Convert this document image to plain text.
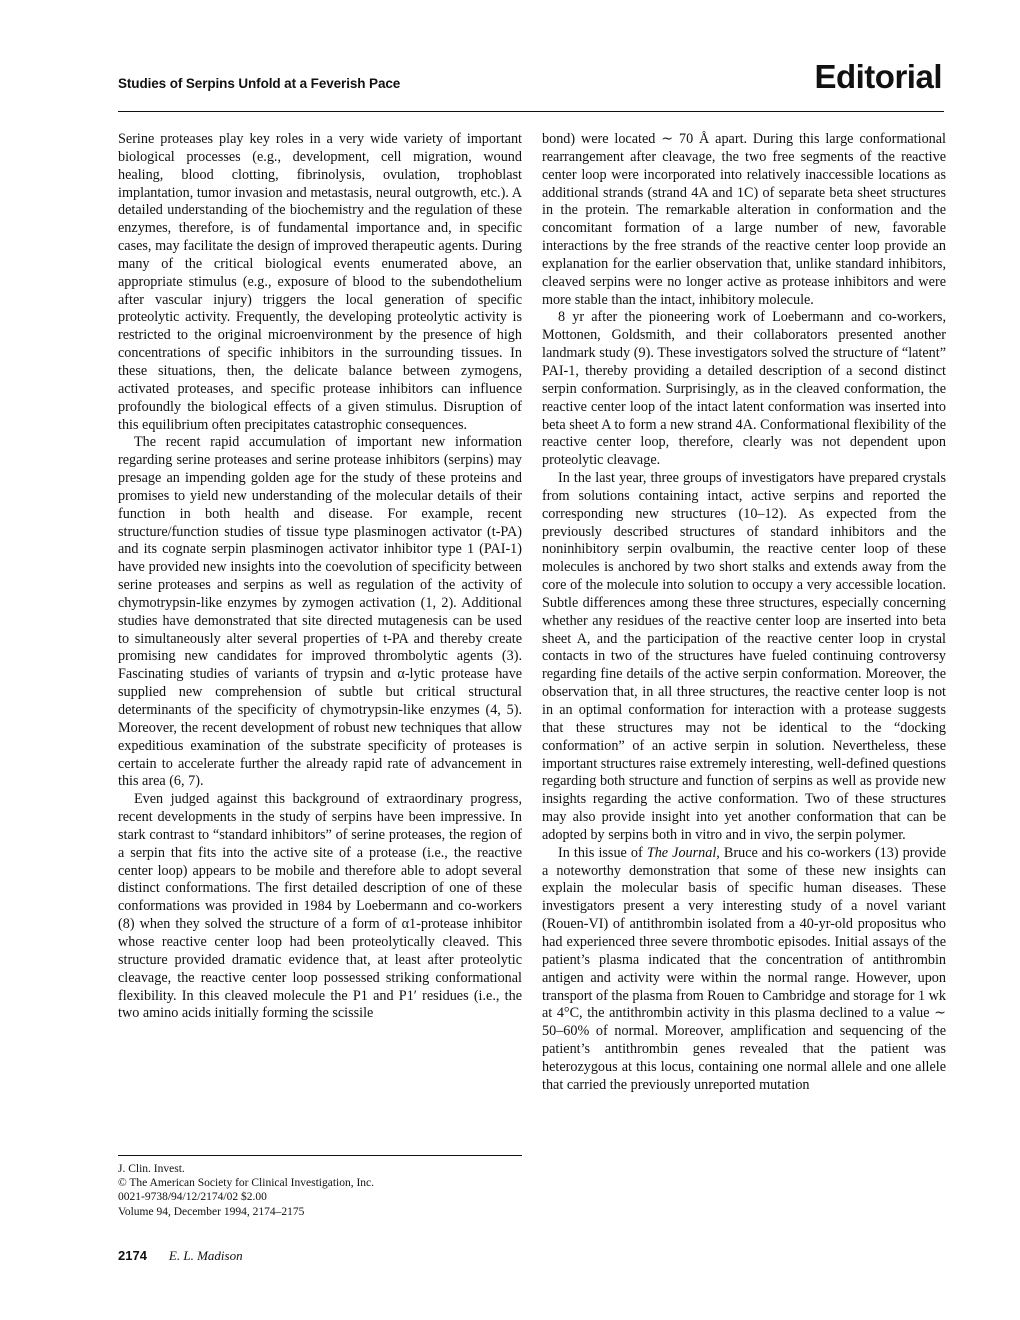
Studies of Serpins Unfold at a Feverish Pace	Editorial

Serine proteases play key roles in a very wide variety of important biological processes (e.g., development, cell migration, wound healing, blood clotting, fibrinolysis, ovulation, trophoblast implantation, tumor invasion and metastasis, neural outgrowth, etc.). A detailed understanding of the biochemistry and the regulation of these enzymes, therefore, is of fundamental importance and, in specific cases, may facilitate the design of improved therapeutic agents. During many of the critical biological events enumerated above, an appropriate stimulus (e.g., exposure of blood to the subendothelium after vascular injury) triggers the local generation of specific proteolytic activity. Frequently, the developing proteolytic activity is restricted to the original microenvironment by the presence of high concentrations of specific inhibitors in the surrounding tissues. In these situations, then, the delicate balance between zymogens, activated proteases, and specific protease inhibitors can influence profoundly the biological effects of a given stimulus. Disruption of this equilibrium often precipitates catastrophic consequences.

The recent rapid accumulation of important new information regarding serine proteases and serine protease inhibitors (serpins) may presage an impending golden age for the study of these proteins and promises to yield new understanding of the molecular details of their function in both health and disease. For example, recent structure/function studies of tissue type plasminogen activator (t-PA) and its cognate serpin plasminogen activator inhibitor type 1 (PAI-1) have provided new insights into the coevolution of specificity between serine proteases and serpins as well as regulation of the activity of chymotrypsin-like enzymes by zymogen activation (1, 2). Additional studies have demonstrated that site directed mutagenesis can be used to simultaneously alter several properties of t-PA and thereby create promising new candidates for improved thrombolytic agents (3). Fascinating studies of variants of trypsin and α-lytic protease have supplied new comprehension of subtle but critical structural determinants of the specificity of chymotrypsin-like enzymes (4, 5). Moreover, the recent development of robust new techniques that allow expeditious examination of the substrate specificity of proteases is certain to accelerate further the already rapid rate of advancement in this area (6, 7).

Even judged against this background of extraordinary progress, recent developments in the study of serpins have been impressive. In stark contrast to “standard inhibitors” of serine proteases, the region of a serpin that fits into the active site of a protease (i.e., the reactive center loop) appears to be mobile and therefore able to adopt several distinct conformations. The first detailed description of one of these conformations was provided in 1984 by Loebermann and co-workers (8) when they solved the structure of a form of α1-protease inhibitor whose reactive center loop had been proteolytically cleaved. This structure provided dramatic evidence that, at least after proteolytic cleavage, the reactive center loop possessed striking conformational flexibility. In this cleaved molecule the P1 and P1′ residues (i.e., the two amino acids initially forming the scissile

bond) were located ∼ 70 Å apart. During this large conformational rearrangement after cleavage, the two free segments of the reactive center loop were incorporated into relatively inaccessible locations as additional strands (strand 4A and 1C) of separate beta sheet structures in the protein. The remarkable alteration in conformation and the concomitant formation of a large number of new, favorable interactions by the free strands of the reactive center loop provide an explanation for the earlier observation that, unlike standard inhibitors, cleaved serpins were no longer active as protease inhibitors and were more stable than the intact, inhibitory molecule.

8 yr after the pioneering work of Loebermann and co-workers, Mottonen, Goldsmith, and their collaborators presented another landmark study (9). These investigators solved the structure of “latent” PAI-1, thereby providing a detailed description of a second distinct serpin conformation. Surprisingly, as in the cleaved conformation, the reactive center loop of the intact latent conformation was inserted into beta sheet A to form a new strand 4A. Conformational flexibility of the reactive center loop, therefore, clearly was not dependent upon proteolytic cleavage.

In the last year, three groups of investigators have prepared crystals from solutions containing intact, active serpins and reported the corresponding new structures (10–12). As expected from the previously described structures of standard inhibitors and the noninhibitory serpin ovalbumin, the reactive center loop of these molecules is anchored by two short stalks and extends away from the core of the molecule into solution to occupy a very accessible location. Subtle differences among these three structures, especially concerning whether any residues of the reactive center loop are inserted into beta sheet A, and the participation of the reactive center loop in crystal contacts in two of the structures have fueled continuing controversy regarding fine details of the active serpin conformation. Moreover, the observation that, in all three structures, the reactive center loop is not in an optimal conformation for interaction with a protease suggests that these structures may not be identical to the “docking conformation” of an active serpin in solution. Nevertheless, these important structures raise extremely interesting, well-defined questions regarding both structure and function of serpins as well as provide new insights regarding the active conformation. Two of these structures may also provide insight into yet another conformation that can be adopted by serpins both in vitro and in vivo, the serpin polymer.

In this issue of The Journal, Bruce and his co-workers (13) provide a noteworthy demonstration that some of these new insights can explain the molecular basis of specific human diseases. These investigators present a very interesting study of a novel variant (Rouen-VI) of antithrombin isolated from a 40-yr-old propositus who had experienced three severe thrombotic episodes. Initial assays of the patient’s plasma indicated that the concentration of antithrombin antigen and activity were within the normal range. However, upon transport of the plasma from Rouen to Cambridge and storage for 1 wk at 4°C, the antithrombin activity in this plasma declined to a value ∼ 50–60% of normal. Moreover, amplification and sequencing of the patient’s antithrombin genes revealed that the patient was heterozygous at this locus, containing one normal allele and one allele that carried the previously unreported mutation

J. Clin. Invest.
© The American Society for Clinical Investigation, Inc.
0021-9738/94/12/2174/02 $2.00
Volume 94, December 1994, 2174–2175
2174 E. L. Madison
